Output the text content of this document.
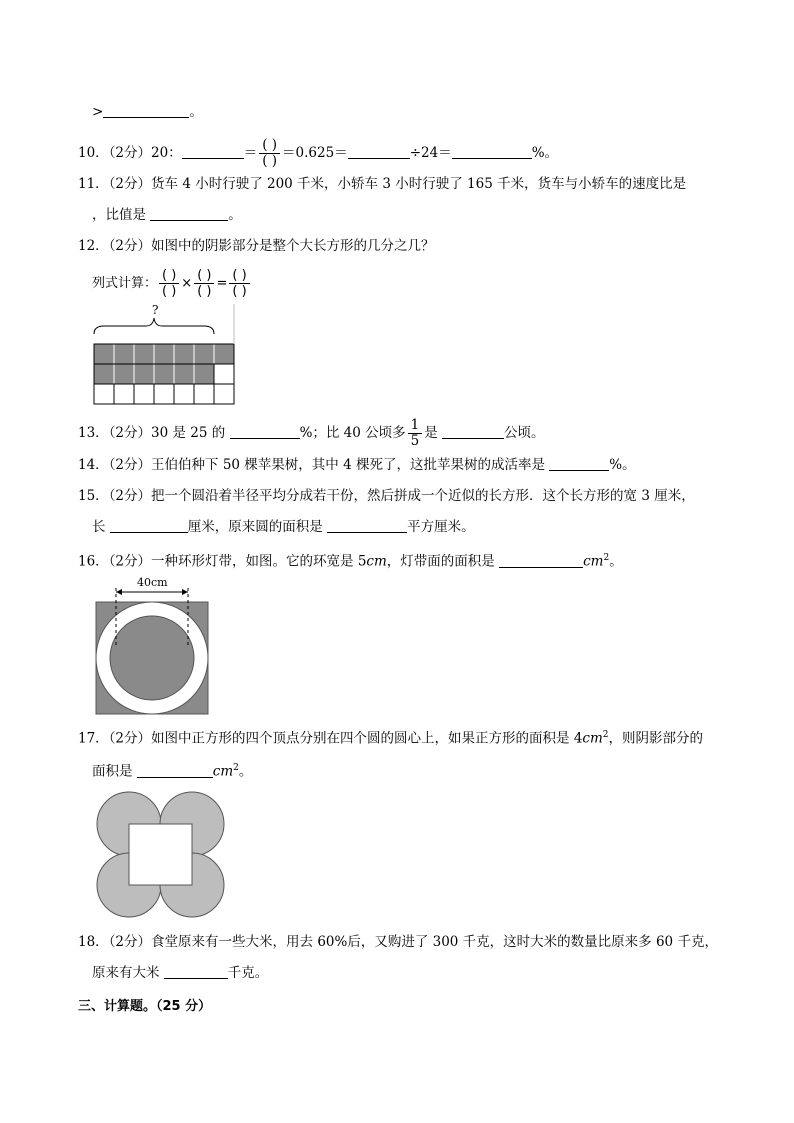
>	。
10．（2分）20：	＝ $\frac{( )}{( )} =0.625=$	÷24＝	%。
11．（2分）货车 4 小时行驶了 200 千米，小轿车 3 小时行驶了 165 千米，货车与小轿车的速度比是
，比值是	。
12．（2分）如图中的阴影部分是整个大长方形的几分之几？
列式计算： $\frac{( )}{( )} \times \frac{( )}{( )} = \frac{( )}{( )}$
?
13．（2分）30 是 25 的	%；比 40 公顷多 $\frac{1}{5}$ 是	公顷。
14．（2分）王伯伯种下 50 棵苹果树，其中 4 棵死了，这批苹果树的成活率是	%。
15．（2分）把一个圆沿着半径平均分成若干份，然后拼成一个近似的长方形．这个长方形的宽 3 厘米，
长	厘米，原来圆的面积是	平方厘米。
16．（2分）一种环形灯带，如图。它的环宽是 5cm，灯带面的面积是	$cm^2$。
40cm
17．（2分）如图中正方形的四个顶点分别在四个圆的圆心上，如果正方形的面积是 $4cm^2$，则阴影部分的
面积是	$cm^2$。
18．（2分）食堂原来有一些大米，用去 60%后，又购进了 300 千克，这时大米的数量比原来多 60 千克，
原来有大米	千克。
三、计算题。（25 分）
